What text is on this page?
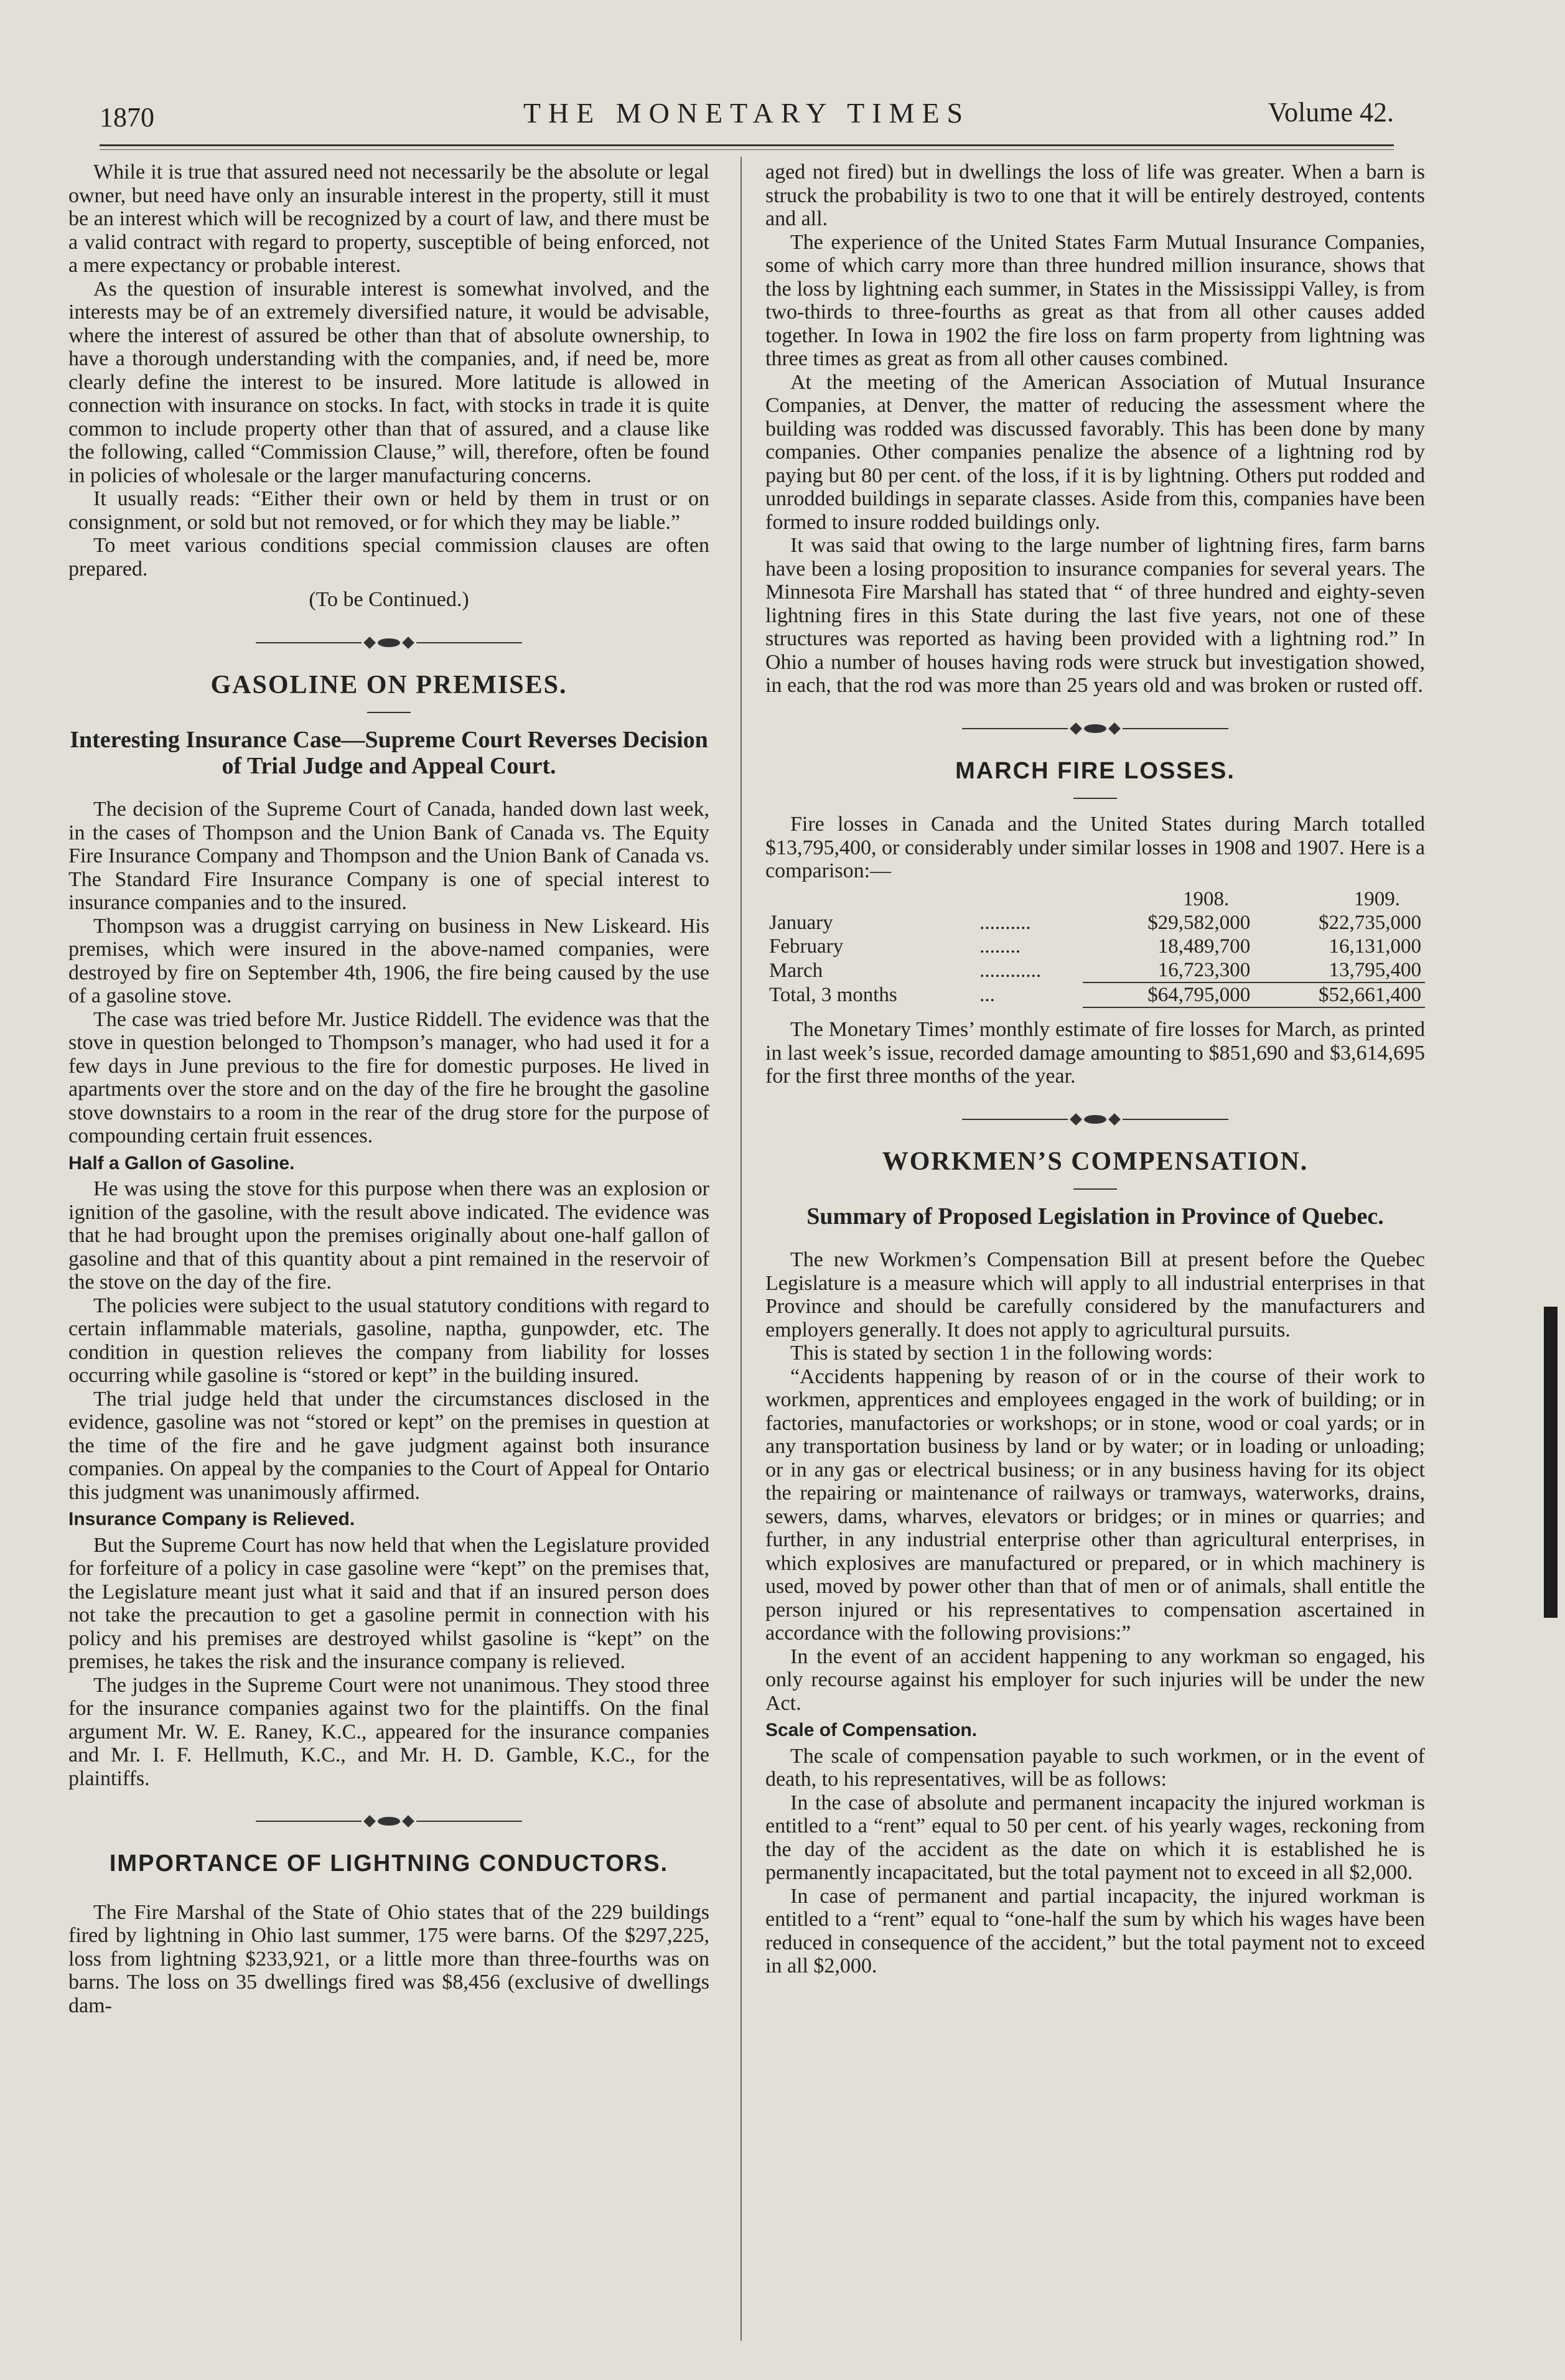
1870	THE MONETARY TIMES	Volume 42.

While it is true that assured need not necessarily be the absolute or legal owner, but need have only an insurable interest in the property, still it must be an interest which will be recognized by a court of law, and there must be a valid contract with regard to property, susceptible of being enforced, not a mere expectancy or probable interest.

As the question of insurable interest is somewhat involved, and the interests may be of an extremely diversified nature, it would be advisable, where the interest of assured be other than that of absolute ownership, to have a thorough understanding with the companies, and, if need be, more clearly define the interest to be insured. More latitude is allowed in connection with insurance on stocks. In fact, with stocks in trade it is quite common to include property other than that of assured, and a clause like the following, called “Commission Clause,” will, therefore, often be found in policies of wholesale or the larger manufacturing concerns.

It usually reads: “Either their own or held by them in trust or on consignment, or sold but not removed, or for which they may be liable.”

To meet various conditions special commission clauses are often prepared.

(To be Continued.)
GASOLINE ON PREMISES.
Interesting Insurance Case—Supreme Court Reverses Decision of Trial Judge and Appeal Court.

The decision of the Supreme Court of Canada, handed down last week, in the cases of Thompson and the Union Bank of Canada vs. The Equity Fire Insurance Company and Thompson and the Union Bank of Canada vs. The Standard Fire Insurance Company is one of special interest to insurance companies and to the insured.

Thompson was a druggist carrying on business in New Liskeard. His premises, which were insured in the above-named companies, were destroyed by fire on September 4th, 1906, the fire being caused by the use of a gasoline stove.

The case was tried before Mr. Justice Riddell. The evidence was that the stove in question belonged to Thompson’s manager, who had used it for a few days in June previous to the fire for domestic purposes. He lived in apartments over the store and on the day of the fire he brought the gasoline stove downstairs to a room in the rear of the drug store for the purpose of compounding certain fruit essences.

Half a Gallon of Gasoline.

He was using the stove for this purpose when there was an explosion or ignition of the gasoline, with the result above indicated. The evidence was that he had brought upon the premises originally about one-half gallon of gasoline and that of this quantity about a pint remained in the reservoir of the stove on the day of the fire.

The policies were subject to the usual statutory conditions with regard to certain inflammable materials, gasoline, naptha, gunpowder, etc. The condition in question relieves the company from liability for losses occurring while gasoline is “stored or kept” in the building insured.

The trial judge held that under the circumstances disclosed in the evidence, gasoline was not “stored or kept” on the premises in question at the time of the fire and he gave judgment against both insurance companies. On appeal by the companies to the Court of Appeal for Ontario this judgment was unanimously affirmed.

Insurance Company is Relieved.

But the Supreme Court has now held that when the Legislature provided for forfeiture of a policy in case gasoline were “kept” on the premises that, the Legislature meant just what it said and that if an insured person does not take the precaution to get a gasoline permit in connection with his policy and his premises are destroyed whilst gasoline is “kept” on the premises, he takes the risk and the insurance company is relieved.

The judges in the Supreme Court were not unanimous. They stood three for the insurance companies against two for the plaintiffs. On the final argument Mr. W. E. Raney, K.C., appeared for the insurance companies and Mr. I. F. Hellmuth, K.C., and Mr. H. D. Gamble, K.C., for the plaintiffs.

IMPORTANCE OF LIGHTNING CONDUCTORS.

The Fire Marshal of the State of Ohio states that of the 229 buildings fired by lightning in Ohio last summer, 175 were barns. Of the $297,225, loss from lightning $233,921, or a little more than three-fourths was on barns. The loss on 35 dwellings fired was $8,456 (exclusive of dwellings dam-

aged not fired) but in dwellings the loss of life was greater. When a barn is struck the probability is two to one that it will be entirely destroyed, contents and all.

The experience of the United States Farm Mutual Insurance Companies, some of which carry more than three hundred million insurance, shows that the loss by lightning each summer, in States in the Mississippi Valley, is from two-thirds to three-fourths as great as that from all other causes added together. In Iowa in 1902 the fire loss on farm property from lightning was three times as great as from all other causes combined.

At the meeting of the American Association of Mutual Insurance Companies, at Denver, the matter of reducing the assessment where the building was rodded was discussed favorably. This has been done by many companies. Other companies penalize the absence of a lightning rod by paying but 80 per cent. of the loss, if it is by lightning. Others put rodded and unrodded buildings in separate classes. Aside from this, companies have been formed to insure rodded buildings only.

It was said that owing to the large number of lightning fires, farm barns have been a losing proposition to insurance companies for several years. The Minnesota Fire Marshall has stated that “ of three hundred and eighty-seven lightning fires in this State during the last five years, not one of these structures was reported as having been provided with a lightning rod.” In Ohio a number of houses having rods were struck but investigation showed, in each, that the rod was more than 25 years old and was broken or rusted off.

MARCH FIRE LOSSES.

Fire losses in Canada and the United States during March totalled $13,795,400, or considerably under similar losses in 1908 and 1907. Here is a comparison:—

		1908.	1909.
January	..........	$29,582,000	$22,735,000
February	........	18,489,700	16,131,000
March	............	16,723,300	13,795,400
Total, 3 months	...	$64,795,000	$52,661,400

The Monetary Times’ monthly estimate of fire losses for March, as printed in last week’s issue, recorded damage amounting to $851,690 and $3,614,695 for the first three months of the year.

WORKMEN’S COMPENSATION.
Summary of Proposed Legislation in Province of Quebec.

The new Workmen’s Compensation Bill at present before the Quebec Legislature is a measure which will apply to all industrial enterprises in that Province and should be carefully considered by the manufacturers and employers generally. It does not apply to agricultural pursuits.

This is stated by section 1 in the following words:

“Accidents happening by reason of or in the course of their work to workmen, apprentices and employees engaged in the work of building; or in factories, manufactories or workshops; or in stone, wood or coal yards; or in any transportation business by land or by water; or in loading or unloading; or in any gas or electrical business; or in any business having for its object the repairing or maintenance of railways or tramways, waterworks, drains, sewers, dams, wharves, elevators or bridges; or in mines or quarries; and further, in any industrial enterprise other than agricultural enterprises, in which explosives are manufactured or prepared, or in which machinery is used, moved by power other than that of men or of animals, shall entitle the person injured or his representatives to compensation ascertained in accordance with the following provisions:”

In the event of an accident happening to any workman so engaged, his only recourse against his employer for such injuries will be under the new Act.

Scale of Compensation.

The scale of compensation payable to such workmen, or in the event of death, to his representatives, will be as follows:

In the case of absolute and permanent incapacity the injured workman is entitled to a “rent” equal to 50 per cent. of his yearly wages, reckoning from the day of the accident as the date on which it is established he is permanently incapacitated, but the total payment not to exceed in all $2,000.

In case of permanent and partial incapacity, the injured workman is entitled to a “rent” equal to “one-half the sum by which his wages have been reduced in consequence of the accident,” but the total payment not to exceed in all $2,000.
